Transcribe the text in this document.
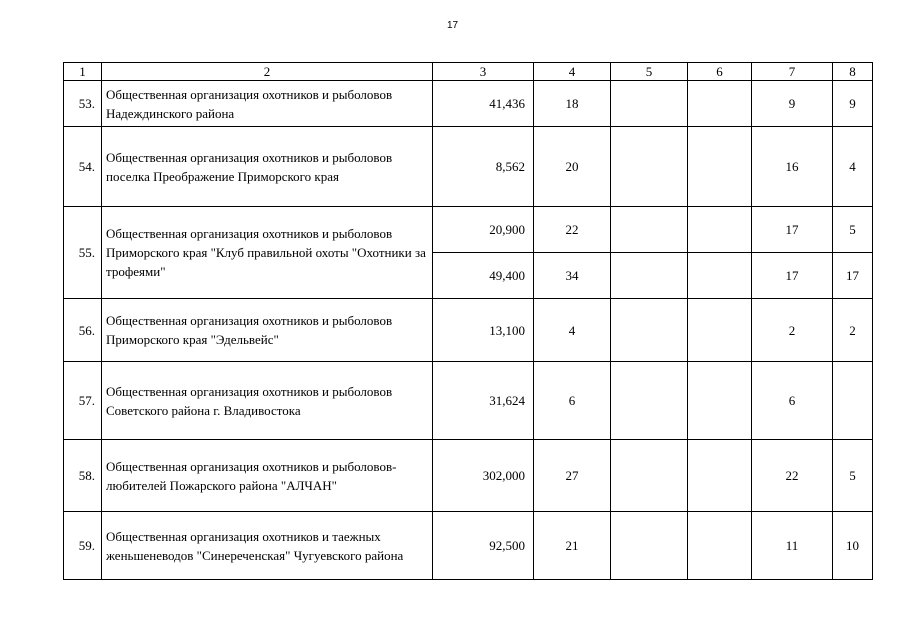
17
1	2	3	4	5	6	7	8
53.	Общественная организация охотников и рыболовов Надеждинского района	41,436	18			9	9
54.	Общественная организация охотников и рыболовов поселка Преображение Приморского края	8,562	20			16	4
55.	Общественная организация охотников и рыболовов Приморского края "Клуб правильной охоты "Охотники за трофеями"	20,900	22			17	5
		49,400	34			17	17
56.	Общественная организация охотников и рыболовов Приморского края "Эдельвейс"	13,100	4			2	2
57.	Общественная организация охотников и рыболовов Советского района г. Владивостока	31,624	6			6	
58.	Общественная организация охотников и рыболовов-любителей Пожарского района "АЛЧАН"	302,000	27			22	5
59.	Общественная организация охотников и таежных женьшеневодов "Синереченская" Чугуевского района	92,500	21			11	10
